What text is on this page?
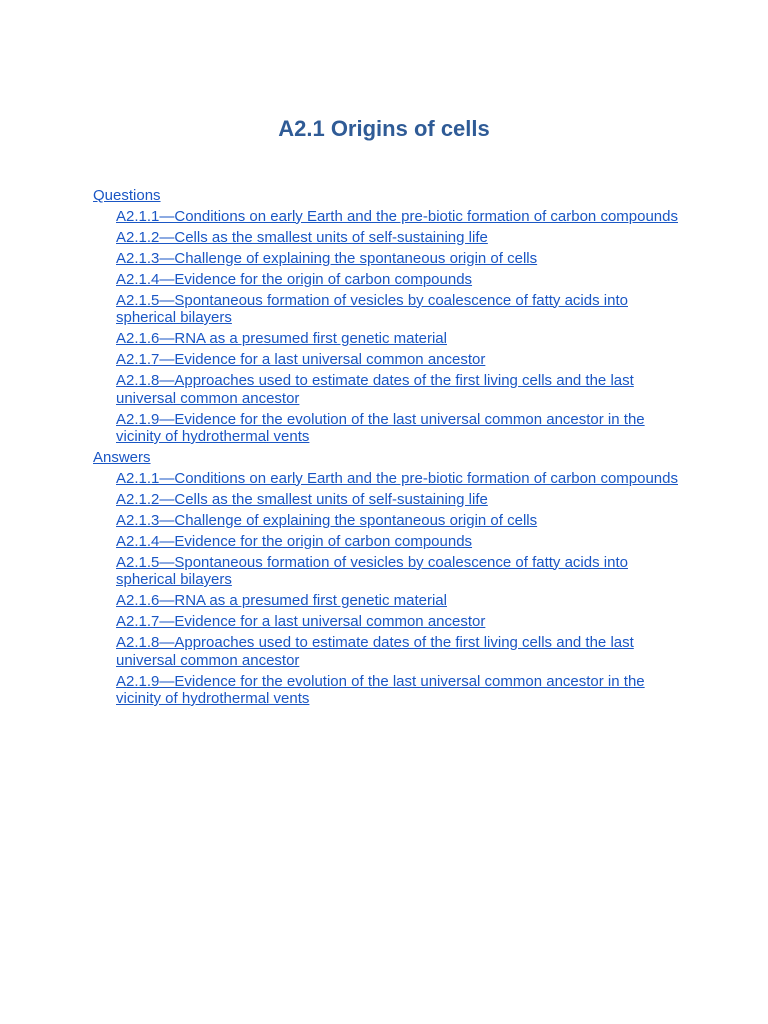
A2.1 Origins of cells
Questions
A2.1.1—Conditions on early Earth and the pre-biotic formation of carbon compounds
A2.1.2—Cells as the smallest units of self-sustaining life
A2.1.3—Challenge of explaining the spontaneous origin of cells
A2.1.4—Evidence for the origin of carbon compounds
A2.1.5—Spontaneous formation of vesicles by coalescence of fatty acids into spherical bilayers
A2.1.6—RNA as a presumed first genetic material
A2.1.7—Evidence for a last universal common ancestor
A2.1.8—Approaches used to estimate dates of the first living cells and the last universal common ancestor
A2.1.9—Evidence for the evolution of the last universal common ancestor in the vicinity of hydrothermal vents
Answers
A2.1.1—Conditions on early Earth and the pre-biotic formation of carbon compounds
A2.1.2—Cells as the smallest units of self-sustaining life
A2.1.3—Challenge of explaining the spontaneous origin of cells
A2.1.4—Evidence for the origin of carbon compounds
A2.1.5—Spontaneous formation of vesicles by coalescence of fatty acids into spherical bilayers
A2.1.6—RNA as a presumed first genetic material
A2.1.7—Evidence for a last universal common ancestor
A2.1.8—Approaches used to estimate dates of the first living cells and the last universal common ancestor
A2.1.9—Evidence for the evolution of the last universal common ancestor in the vicinity of hydrothermal vents
